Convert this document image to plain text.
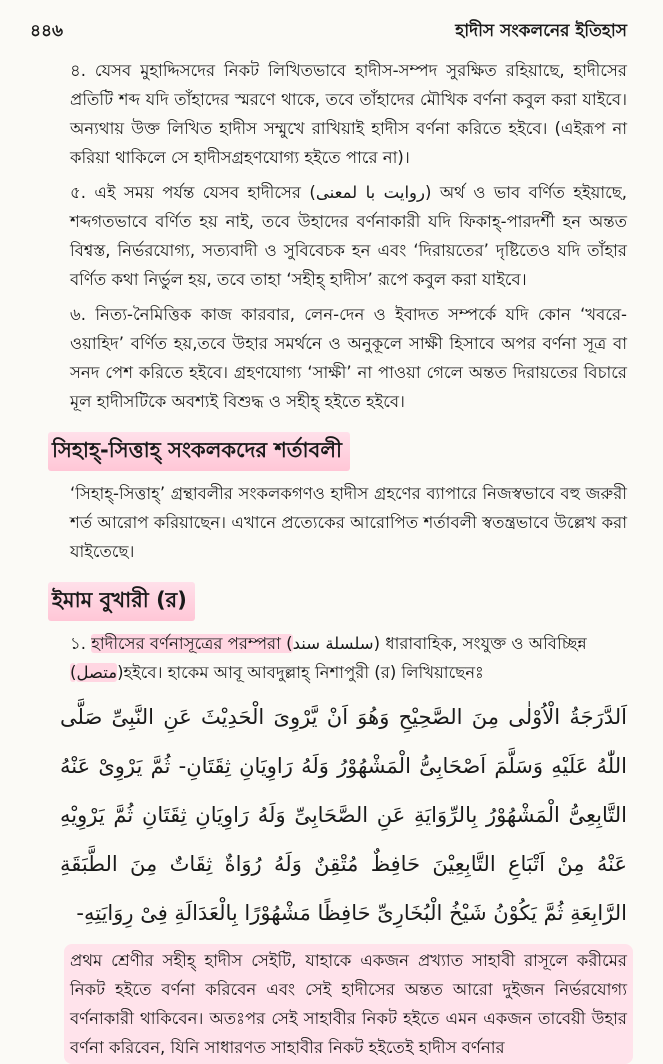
৪৪৬	হাদীস সংকলনের ইতিহাস

৪. যেসব মুহাদ্দিসদের নিকট লিখিতভাবে হাদীস-সম্পদ সুরক্ষিত রহিয়াছে, হাদীসের প্রতিটি শব্দ যদি তাঁহাদের স্মরণে থাকে, তবে তাঁহাদের মৌখিক বর্ণনা কবুল করা যাইবে। অন্যথায় উক্ত লিখিত হাদীস সম্মুখে রাখিয়াই হাদীস বর্ণনা করিতে হইবে। (এইরূপ না করিয়া থাকিলে সে হাদীসগ্রহণযোগ্য হইতে পারে না)।

৫. এই সময় পর্যন্ত যেসব হাদীসের (روایت با لمعنی) অর্থ ও ভাব বর্ণিত হইয়াছে, শব্দগতভাবে বর্ণিত হয় নাই, তবে উহাদের বর্ণনাকারী যদি ফিকাহ্-পারদর্শী হন অন্তত বিশ্বস্ত, নির্ভরযোগ্য, সত্যবাদী ও সুবিবেচক হন এবং ‘দিরায়তের’ দৃষ্টিতেও যদি তাঁহার বর্ণিত কথা নির্ভুল হয়, তবে তাহা ‘সহীহ্ হাদীস’ রূপে কবুল করা যাইবে।

৬. নিত্য-নৈমিত্তিক কাজ কারবার, লেন-দেন ও ইবাদত সম্পর্কে যদি কোন ‘খবরে-ওয়াহিদ’ বর্ণিত হয়,তবে উহার সমর্থনে ও অনুকূলে সাক্ষী হিসাবে অপর বর্ণনা সূত্র বা সনদ পেশ করিতে হইবে। গ্রহণযোগ্য ‘সাক্ষী’ না পাওয়া গেলে অন্তত দিরায়তের বিচারে মূল হাদীসটিকে অবশ্যই বিশুদ্ধ ও সহীহ্ হইতে হইবে।

সিহাহ্-সিত্তাহ্ সংকলকদের শর্তাবলী

‘সিহাহ্-সিত্তাহ্’ গ্রন্থাবলীর সংকলকগণও হাদীস গ্রহণের ব্যাপারে নিজস্বভাবে বহু জরুরী শর্ত আরোপ করিয়াছেন। এখানে প্রত্যেকের আরোপিত শর্তাবলী স্বতন্ত্রভাবে উল্লেখ করা যাইতেছে।

ইমাম বুখারী (র)

১. হাদীসের বর্ণনাসূত্রের পরম্পরা (سلسلة سند) ধারাবাহিক, সংযুক্ত ও অবিচ্ছিন্ন
(متصل)হইবে। হাকেম আবূ আবদুল্লাহ্ নিশাপুরী (র) লিখিয়াছেনঃ

اَلدَّرَجَةُ الْاُوْلٰى مِنَ الصَّحِيْحِ وَهُوَ اَنْ يَّرْوِىَ الْحَدِيْثَ عَنِ النَّبِىِّ صَلَّى اللّٰهُ عَلَيْهِ وَسَلَّمَ اَصْحَابِىُّ الْمَشْهُوْرُ وَلَهُ رَاوِيَانِ ثِقَتَانِ- ثُمَّ يَرْوِىْ عَنْهُ التَّابِعِىُّ الْمَشْهُوْرُ بِالرِّوَايَةِ عَنِ الصَّحَابِىِّ وَلَهُ رَاوِيَانِ ثِقَتَانِ ثُمَّ يَرْوِيْهِ عَنْهُ مِنْ اَتْبَاعِ التَّابِعِيْنَ حَافِظٌ مُتْقِنٌ وَلَهُ رُوَاةٌ ثِقَاتٌ مِنَ الطَّبَقَةِ الرَّابِعَةِ ثُمَّ يَكُوْنُ شَيْخُ الْبُخَارِىِّ حَافِظًا مَشْهُوْرًا بِالْعَدَالَةِ فِىْ رِوَايَتِهِ-

প্রথম শ্রেণীর সহীহ্ হাদীস সেইটি, যাহাকে একজন প্রখ্যাত সাহাবী রাসূলে করীমের নিকট হইতে বর্ণনা করিবেন এবং সেই হাদীসের অন্তত আরো দুইজন নির্ভরযোগ্য বর্ণনাকারী থাকিবেন। অতঃপর সেই সাহাবীর নিকট হইতে এমন একজন তাবেয়ী উহার বর্ণনা করিবেন, যিনি সাধারণত সাহাবীর নিকট হইতেই হাদীস বর্ণনার
